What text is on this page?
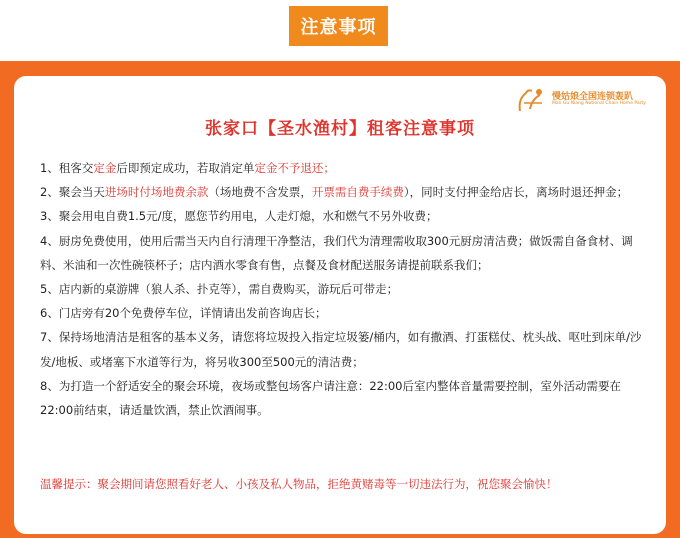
注意事项
慢姑娘全国连锁轰趴
Man Gu Niang National Chain Home Party
张家口【圣水渔村】租客注意事项

1、租客交定金后即预定成功，若取消定单定金不予退还；

2、聚会当天进场时付场地费余款（场地费不含发票，开票需自费手续费），同时支付押金给店长，离场时退还押金；

3、聚会用电自费1.5元/度，愿您节约用电，人走灯熄，水和燃气不另外收费；

4、厨房免费使用，使用后需当天内自行清理干净整洁，我们代为清理需收取300元厨房清洁费；做饭需自备食材、调料、米油和一次性碗筷杯子；店内酒水零食有售，点餐及食材配送服务请提前联系我们；

5、店内新的桌游牌（狼人杀、扑克等），需自费购买，游玩后可带走；

6、门店旁有20个免费停车位，详情请出发前咨询店长；

7、保持场地清洁是租客的基本义务，请您将垃圾投入指定垃圾篓/桶内，如有撒酒、打蛋糕仗、枕头战、呕吐到床单/沙发/地板、或堵塞下水道等行为，将另收300至500元的清洁费；

8、为打造一个舒适安全的聚会环境，夜场或整包场客户请注意：22:00后室内整体音量需要控制，室外活动需要在22:00前结束，请适量饮酒，禁止饮酒闹事。

温馨提示：聚会期间请您照看好老人、小孩及私人物品，拒绝黄赌毒等一切违法行为，祝您聚会愉快！
